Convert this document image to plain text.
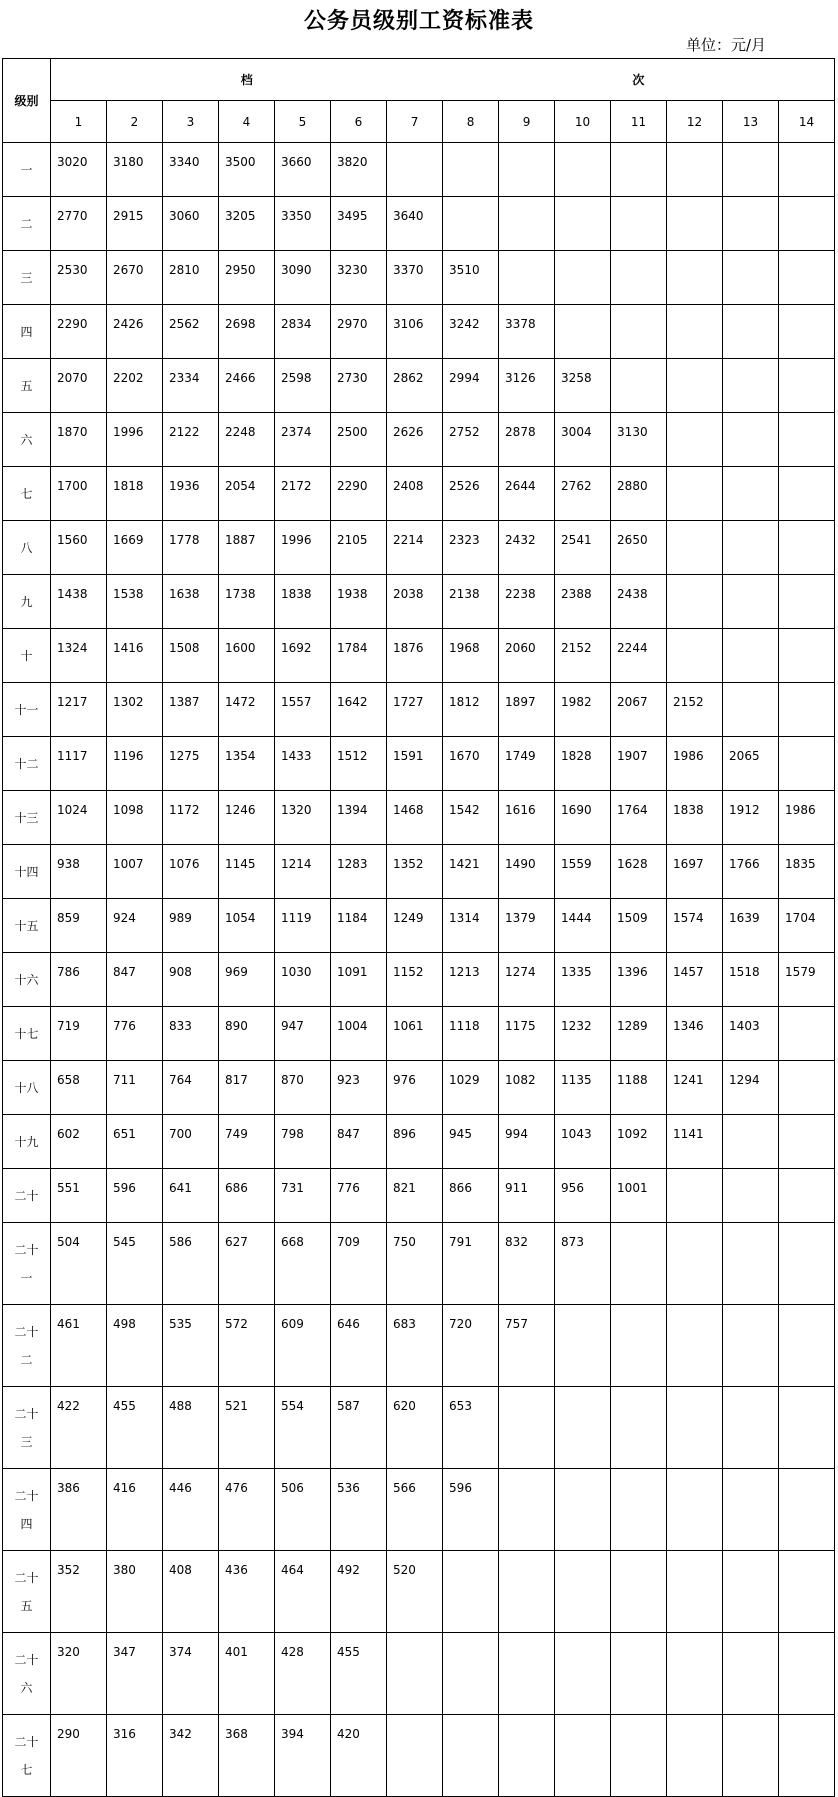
公务员级别工资标准表
单位：元/月
级别	档							次						
	1	2	3	4	5	6	7	8	9	10	11	12	13	14
一	3020	3180	3340	3500	3660	3820								
二	2770	2915	3060	3205	3350	3495	3640							
三	2530	2670	2810	2950	3090	3230	3370	3510						
四	2290	2426	2562	2698	2834	2970	3106	3242	3378					
五	2070	2202	2334	2466	2598	2730	2862	2994	3126	3258				
六	1870	1996	2122	2248	2374	2500	2626	2752	2878	3004	3130			
七	1700	1818	1936	2054	2172	2290	2408	2526	2644	2762	2880			
八	1560	1669	1778	1887	1996	2105	2214	2323	2432	2541	2650			
九	1438	1538	1638	1738	1838	1938	2038	2138	2238	2388	2438			
十	1324	1416	1508	1600	1692	1784	1876	1968	2060	2152	2244			
十一	1217	1302	1387	1472	1557	1642	1727	1812	1897	1982	2067	2152		
十二	1117	1196	1275	1354	1433	1512	1591	1670	1749	1828	1907	1986	2065	
十三	1024	1098	1172	1246	1320	1394	1468	1542	1616	1690	1764	1838	1912	1986
十四	938	1007	1076	1145	1214	1283	1352	1421	1490	1559	1628	1697	1766	1835
十五	859	924	989	1054	1119	1184	1249	1314	1379	1444	1509	1574	1639	1704
十六	786	847	908	969	1030	1091	1152	1213	1274	1335	1396	1457	1518	1579
十七	719	776	833	890	947	1004	1061	1118	1175	1232	1289	1346	1403	
十八	658	711	764	817	870	923	976	1029	1082	1135	1188	1241	1294	
十九	602	651	700	749	798	847	896	945	994	1043	1092	1141		
二十	551	596	641	686	731	776	821	866	911	956	1001			
二十一	504	545	586	627	668	709	750	791	832	873				
二十二	461	498	535	572	609	646	683	720	757					
二十三	422	455	488	521	554	587	620	653						
二十四	386	416	446	476	506	536	566	596						
二十五	352	380	408	436	464	492	520							
二十六	320	347	374	401	428	455								
二十七	290	316	342	368	394	420								
